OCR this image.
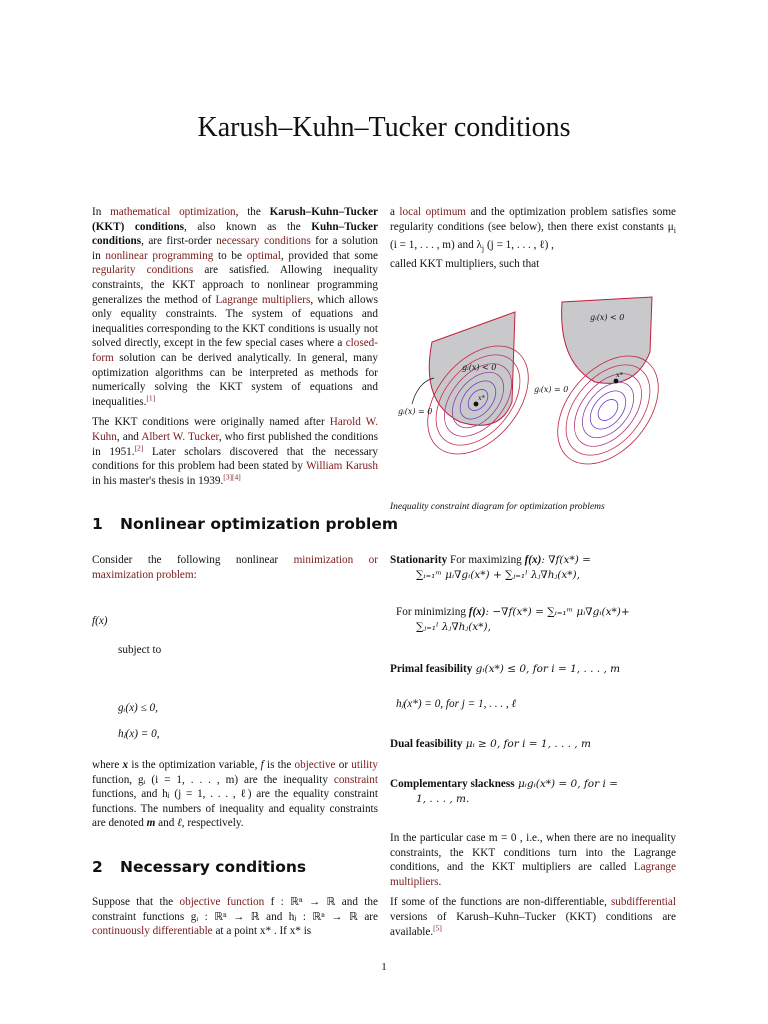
Karush–Kuhn–Tucker conditions

In mathematical optimization, the Karush–Kuhn–Tucker (KKT) conditions, also known as the Kuhn–Tucker conditions, are first-order necessary conditions for a solution in nonlinear programming to be optimal, provided that some regularity conditions are satisfied. Allowing inequality constraints, the KKT approach to nonlinear programming generalizes the method of Lagrange multipliers, which allows only equality constraints. The system of equations and inequalities corresponding to the KKT conditions is usually not solved directly, except in the few special cases where a closed-form solution can be derived analytically. In general, many optimization algorithms can be interpreted as methods for numerically solving the KKT system of equations and inequalities.[1]

The KKT conditions were originally named after Harold W. Kuhn, and Albert W. Tucker, who first published the conditions in 1951.[2] Later scholars discovered that the necessary conditions for this problem had been stated by William Karush in his master's thesis in 1939.[3][4]

1 Nonlinear optimization problem

Consider the following nonlinear minimization or maximization problem:

f(x)
subject to
gᵢ(x) ≤ 0,
hⱼ(x) = 0,

where x is the optimization variable, f is the objective or utility function, gᵢ (i = 1, . . . , m) are the inequality constraint functions, and hⱼ (j = 1, . . . , ℓ) are the equality constraint functions. The numbers of inequality and equality constraints are denoted m and ℓ, respectively.

2 Necessary conditions

Suppose that the objective function f : ℝⁿ → ℝ and the constraint functions gᵢ : ℝⁿ → ℝ and hⱼ : ℝⁿ → ℝ are continuously differentiable at a point x* . If x* is

a local optimum and the optimization problem satisfies some regularity conditions (see below), then there exist constants $\mu_i$ (i = 1, . . . , m) and $\lambda_j$ (j = 1, . . . , ℓ) ,

called KKT multipliers, such that

x*
gᵢ(x) < 0
gᵢ(x) = 0
x*
gᵢ(x) < 0
gᵢ(x) = 0
Inequality constraint diagram for optimization problems
Stationarity For maximizing f(x): ∇f(x*) =
∑ᵢ₌₁ᵐ μᵢ∇gᵢ(x*) + ∑ⱼ₌₁ˡ λⱼ∇hⱼ(x*),
For minimizing f(x): −∇f(x*) = ∑ᵢ₌₁ᵐ μᵢ∇gᵢ(x*)+
∑ⱼ₌₁ˡ λⱼ∇hⱼ(x*),
Primal feasibility gᵢ(x*) ≤ 0, for i = 1, . . . , m
hⱼ(x*) = 0, for j = 1, . . . , ℓ
Dual feasibility μᵢ ≥ 0, for i = 1, . . . , m
Complementary slackness μᵢgᵢ(x*) = 0, for i =
1, . . . , m.

In the particular case m = 0 , i.e., when there are no inequality constraints, the KKT conditions turn into the Lagrange conditions, and the KKT multipliers are called Lagrange multipliers.

If some of the functions are non-differentiable, subdifferential versions of Karush–Kuhn–Tucker (KKT) conditions are available.[5]

1
